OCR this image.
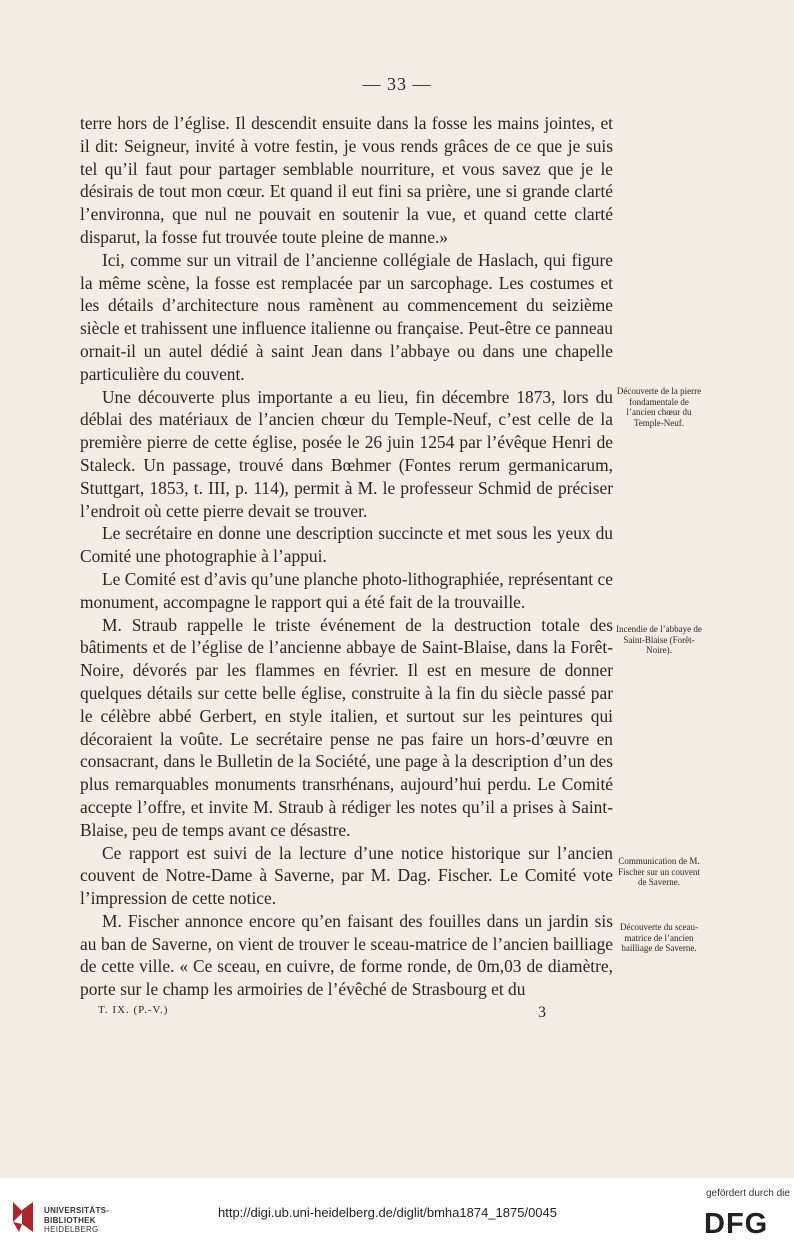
— 33 —

terre hors de l’église. Il descendit ensuite dans la fosse les mains jointes, et il dit: Seigneur, invité à votre festin, je vous rends grâces de ce que je suis tel qu’il faut pour partager semblable nourriture, et vous savez que je le désirais de tout mon cœur. Et quand il eut fini sa prière, une si grande clarté l’environna, que nul ne pouvait en soutenir la vue, et quand cette clarté disparut, la fosse fut trouvée toute pleine de manne.»

Ici, comme sur un vitrail de l’ancienne collégiale de Haslach, qui figure la même scène, la fosse est remplacée par un sarcophage. Les costumes et les détails d’architecture nous ramènent au commencement du seizième siècle et trahissent une influence italienne ou française. Peut-être ce panneau ornait-il un autel dédié à saint Jean dans l’abbaye ou dans une chapelle particulière du couvent.

Une découverte plus importante a eu lieu, fin décembre 1873, lors du déblai des matériaux de l’ancien chœur du Temple-Neuf, c’est celle de la première pierre de cette église, posée le 26 juin 1254 par l’évêque Henri de Staleck. Un passage, trouvé dans Bœhmer (Fontes rerum germanicarum, Stuttgart, 1853, t. III, p. 114), permit à M. le professeur Schmid de préciser l’endroit où cette pierre devait se trouver.

Le secrétaire en donne une description succincte et met sous les yeux du Comité une photographie à l’appui.

Le Comité est d’avis qu’une planche photo-lithographiée, représentant ce monument, accompagne le rapport qui a été fait de la trouvaille.

M. Straub rappelle le triste événement de la destruction totale des bâtiments et de l’église de l’ancienne abbaye de Saint-Blaise, dans la Forêt-Noire, dévorés par les flammes en février. Il est en mesure de donner quelques détails sur cette belle église, construite à la fin du siècle passé par le célèbre abbé Gerbert, en style italien, et surtout sur les peintures qui décoraient la voûte. Le secrétaire pense ne pas faire un hors-d’œuvre en consacrant, dans le Bulletin de la Société, une page à la description d’un des plus remarquables monuments transrhénans, aujourd’hui perdu. Le Comité accepte l’offre, et invite M. Straub à rédiger les notes qu’il a prises à Saint-Blaise, peu de temps avant ce désastre.

Ce rapport est suivi de la lecture d’une notice historique sur l’ancien couvent de Notre-Dame à Saverne, par M. Dag. Fischer. Le Comité vote l’impression de cette notice.

M. Fischer annonce encore qu’en faisant des fouilles dans un jardin sis au ban de Saverne, on vient de trouver le sceau-matrice de l’ancien bailliage de cette ville. « Ce sceau, en cuivre, de forme ronde, de 0m,03 de diamètre, porte sur le champ les armoiries de l’évêché de Strasbourg et du

Découverte de la pierre fondamentale de l’ancien chœur du Temple-Neuf.
Incendie de l’abbaye de Saint-Blaise (Forêt-Noire).
Communication de M. Fischer sur un couvent de Saverne.
Découverte du sceau-matrice de l’ancien bailliage de Saverne.
T. IX. (P.-V.)	3
UNIVERSITÄTS-
BIBLIOTHEK
HEIDELBERG
http://digi.ub.uni-heidelberg.de/diglit/bmha1874_1875/0045
gefördert durch die
DFG
